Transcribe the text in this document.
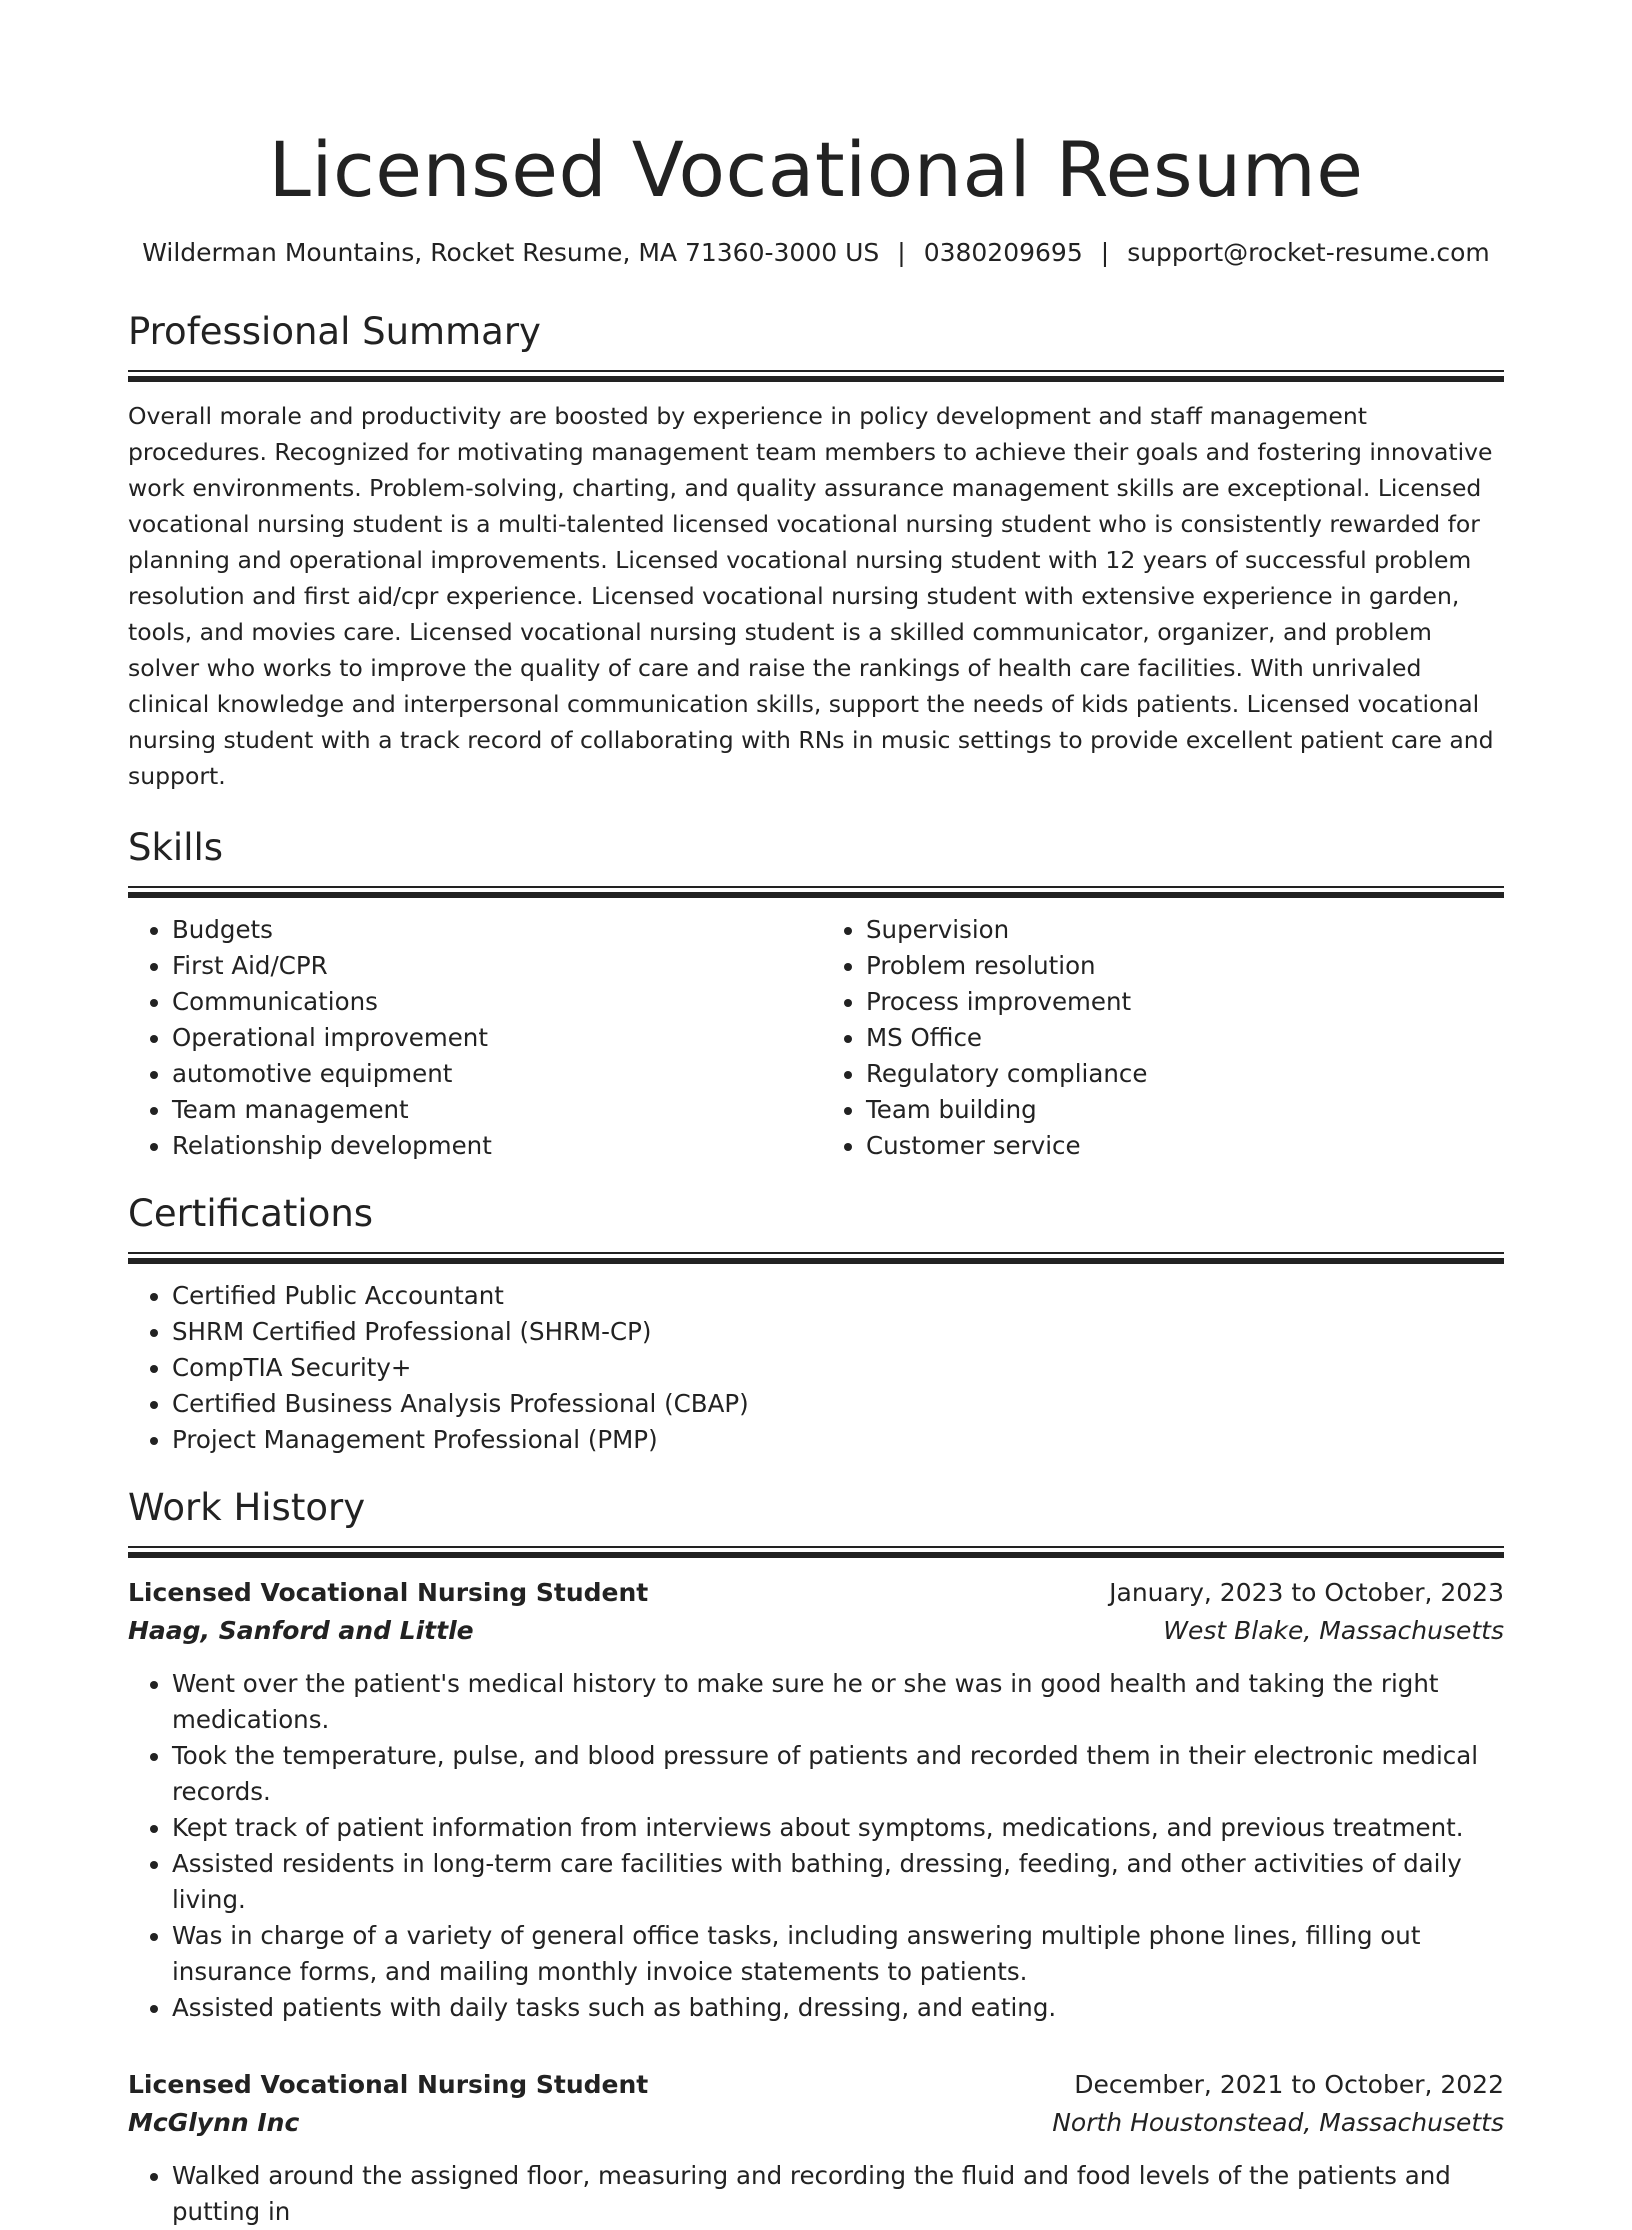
Licensed Vocational Resume
Wilderman Mountains, Rocket Resume, MA 71360-3000 US | 0380209695 | support@rocket-resume.com
Professional Summary

Overall morale and productivity are boosted by experience in policy development and staff management procedures. Recognized for motivating management team members to achieve their goals and fostering innovative work environments. Problem-solving, charting, and quality assurance management skills are exceptional. Licensed vocational nursing student is a multi-talented licensed vocational nursing student who is consistently rewarded for planning and operational improvements. Licensed vocational nursing student with 12 years of successful problem resolution and first aid/cpr experience. Licensed vocational nursing student with extensive experience in garden, tools, and movies care. Licensed vocational nursing student is a skilled communicator, organizer, and problem solver who works to improve the quality of care and raise the rankings of health care facilities. With unrivaled clinical knowledge and interpersonal communication skills, support the needs of kids patients. Licensed vocational nursing student with a track record of collaborating with RNs in music settings to provide excellent patient care and support.

Skills
• Budgets
• First Aid/CPR
• Communications
• Operational improvement
• automotive equipment
• Team management
• Relationship development
• Supervision
• Problem resolution
• Process improvement
• MS Office
• Regulatory compliance
• Team building
• Customer service
Certifications
• Certified Public Accountant
• SHRM Certified Professional (SHRM-CP)
• CompTIA Security+
• Certified Business Analysis Professional (CBAP)
• Project Management Professional (PMP)
Work History
Licensed Vocational Nursing Student	January, 2023 to October, 2023
Haag, Sanford and Little	West Blake, Massachusetts
• Went over the patient's medical history to make sure he or she was in good health and taking the right medications.
• Took the temperature, pulse, and blood pressure of patients and recorded them in their electronic medical records.
• Kept track of patient information from interviews about symptoms, medications, and previous treatment.
• Assisted residents in long-term care facilities with bathing, dressing, feeding, and other activities of daily living.
• Was in charge of a variety of general office tasks, including answering multiple phone lines, filling out insurance forms, and mailing monthly invoice statements to patients.
• Assisted patients with daily tasks such as bathing, dressing, and eating.
Licensed Vocational Nursing Student	December, 2021 to October, 2022
McGlynn Inc	North Houstonstead, Massachusetts
• Walked around the assigned floor, measuring and recording the fluid and food levels of the patients and putting in
